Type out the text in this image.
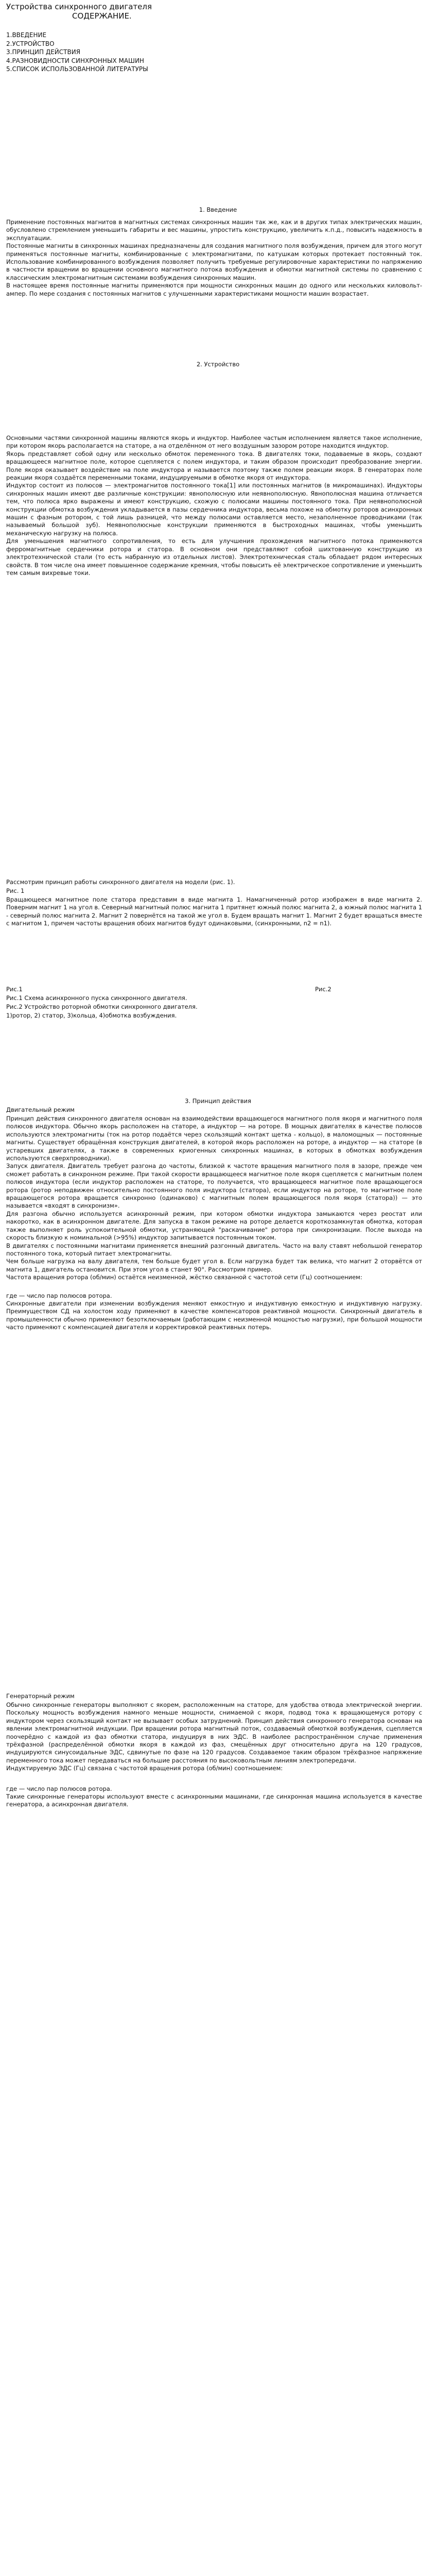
Устройства синхронного двигателя
СОДЕРЖАНИЕ.
1.ВВЕДЕНИЕ
2.УСТРОЙСТВО
3.ПРИНЦИП ДЕЙСТВИЯ
4.РАЗНОВИДНОСТИ СИНХРОННЫХ МАШИН
5.СПИСОК ИСПОЛЬЗОВАННОЙ ЛИТЕРАТУРЫ
1. Введение

Применение постоянных магнитов в магнитных системах синхронных машин так же, как и в других типах электрических машин, обусловлено стремлением уменьшить габариты и вес машины, упростить конструкцию, увеличить к.п.д., повысить надежность в эксплуатации.

Постоянные магниты в синхронных машинах предназначены для создания магнитного поля возбуждения, причем для этого могут применяться постоянные магниты, комбинированные с электромагнитами, по катушкам которых протекает постоянный ток. Использование комбинированного возбуждения позволяет получить требуемые регулировочные характеристики по напряжению в частности вращении во вращении основного магнитного потока возбуждения и обмотки магнитной системы по сравнению с классическим электромагнитным системами возбуждения синхронных машин.

В настоящее время постоянные магниты применяются при мощности синхронных машин до одного или нескольких киловольт-ампер. По мере создания с постоянных магнитов с улучшенными характеристиками мощности машин возрастает.

2. Устройство

Основными частями синхронной машины являются якорь и индуктор. Наиболее частым исполнением является такое исполнение, при котором якорь располагается на статоре, а на отделённом от него воздушным зазором роторе находится индуктор.

Якорь представляет собой одну или несколько обмоток переменного тока. В двигателях токи, подаваемые в якорь, создают вращающееся магнитное поле, которое сцепляется с полем индуктора, и таким образом происходит преобразование энергии. Поле якоря оказывает воздействие на поле индуктора и называется поэтому также полем реакции якоря. В генераторах поле реакции якоря создаётся переменными токами, индуцируемыми в обмотке якоря от индуктора.

Индуктор состоит из полюсов — электромагнитов постоянного тока[1] или постоянных магнитов (в микромашинах). Индукторы синхронных машин имеют две различные конструкции: явнополюсную или неявнополюсную. Явнополюсная машина отличается тем, что полюса ярко выражены и имеют конструкцию, схожую с полюсами машины постоянного тока. При неявнополюсной конструкции обмотка возбуждения укладывается в пазы сердечника индуктора, весьма похоже на обмотку роторов асинхронных машин с фазным ротором, с той лишь разницей, что между полюсами оставляется место, незаполненное проводниками (так называемый большой зуб). Неявнополюсные конструкции применяются в быстроходных машинах, чтобы уменьшить механическую нагрузку на полюса.

Для уменьшения магнитного сопротивления, то есть для улучшения прохождения магнитного потока применяются ферромагнитные сердечники ротора и статора. В основном они представляют собой шихтованную конструкцию из электротехнической стали (то есть набранную из отдельных листов). Электротехническая сталь обладает рядом интересных свойств. В том числе она имеет повышенное содержание кремния, чтобы повысить её электрическое сопротивление и уменьшить тем самым вихревые токи.

Рассмотрим принцип работы синхронного двигателя на модели (рис. 1).
Рис. 1
Вращающееся магнитное поле статора представим в виде магнита 1. Намагниченный ротор изображен в виде магнита 2. Поверним магнит 1 на угол в. Северный магнитный полюс магнита 1 притянет южный полюс магнита 2, а южный полюс магнита 1 - северный полюс магнита 2. Магнит 2 повернётся на такой же угол в. Будем вращать магнит 1. Магнит 2 будет вращаться вместе с магнитом 1, причем частоты вращения обоих магнитов будут одинаковыми, (синхронными, n2 = n1).
Рис.1	Рис.2
Рис.1 Схема асинхронного пуска синхронного двигателя.
Рис.2 Устройство роторной обмотки синхронного двигателя.
1)ротор, 2) статор, 3)кольца, 4)обмотка возбуждения.
3. Принцип действия
Двигательный режим

Принцип действия синхронного двигателя основан на взаимодействии вращающегося магнитного поля якоря и магнитного поля полюсов индуктора. Обычно якорь расположен на статоре, а индуктор — на роторе. В мощных двигателях в качестве полюсов используются электромагниты (ток на ротор подаётся через скользящий контакт щетка - кольцо), в маломощных — постоянные магниты. Существует обращённая конструкция двигателей, в которой якорь расположен на роторе, а индуктор — на статоре (в устаревших двигателях, а также в современных криогенных синхронных машинах, в которых в обмотках возбуждения используются сверхпроводники).

Запуск двигателя. Двигатель требует разгона до частоты, близкой к частоте вращения магнитного поля в зазоре, прежде чем сможет работать в синхронном режиме. При такой скорости вращающееся магнитное поле якоря сцепляется с магнитным полем полюсов индуктора (если индуктор расположен на статоре, то получается, что вращающееся магнитное поле вращающегося ротора (ротор неподвижен относительно постоянного поля индуктора (статора), если индуктор на роторе, то магнитное поле вращающегося ротора вращается синхронно (одинаково) с магнитным полем вращающегося поля якоря (статора)) — это называется «входят в синхронизм».

Для разгона обычно используется асинхронный режим, при котором обмотки индуктора замыкаются через реостат или накоротко, как в асинхронном двигателе. Для запуска в таком режиме на роторе делается короткозамкнутая обмотка, которая также выполняет роль успокоительной обмотки, устраняющей "раскачивание" ротора при синхронизации. После выхода на скорость близкую к номинальной (>95%) индуктор запитывается постоянным током.

В двигателях с постоянными магнитами применяется внешний разгонный двигатель. Часто на валу ставят небольшой генератор постоянного тока, который питает электромагниты.

Чем больше нагрузка на валу двигателя, тем больше будет угол в. Если нагрузка будет так велика, что магнит 2 оторвётся от магнита 1, двигатель остановится. При этом угол в станет 90°. Рассмотрим пример.

Частота вращения ротора (об/мин) остаётся неизменной, жёстко связанной с частотой сети (Гц) соотношением:

где — число пар полюсов ротора.

Синхронные двигатели при изменении возбуждения меняют емкостную и индуктивную емкостную и индуктивную нагрузку. Преимуществом СД на холостом ходу применяют в качестве компенсаторов реактивной мощности. Синхронный двигатель в промышленности обычно применяют безотключаемым (работающим с неизменной мощностью нагрузки), при большой мощности часто применяют с компенсацией двигателя и корректировкой реактивных потерь.

Генераторный режим

Обычно синхронные генераторы выполняют с якорем, расположенным на статоре, для удобства отвода электрической энергии. Поскольку мощность возбуждения намного меньше мощности, снимаемой с якоря, подвод тока к вращающемуся ротору с индуктором через скользящий контакт не вызывает особых затруднений. Принцип действия синхронного генератора основан на явлении электромагнитной индукции. При вращении ротора магнитный поток, создаваемый обмоткой возбуждения, сцепляется поочерёдно с каждой из фаз обмотки статора, индуцируя в них ЭДС. В наиболее распространённом случае применения трёхфазной (распределённой обмотки якоря в каждой из фаз, смещённых друг относительно друга на 120 градусов, индуцируются синусоидальные ЭДС, сдвинутые по фазе на 120 градусов. Создаваемое таким образом трёхфазное напряжение переменного тока может передаваться на большие расстояния по высоковольтным линиям электропередачи.

Индуктируемую ЭДС (Гц) связана с частотой вращения ротора (об/мин) соотношением:

где — число пар полюсов ротора.

Такие синхронные генераторы используют вместе с асинхронными машинами, где синхронная машина используется в качестве генератора, а асинхронная двигателя.
